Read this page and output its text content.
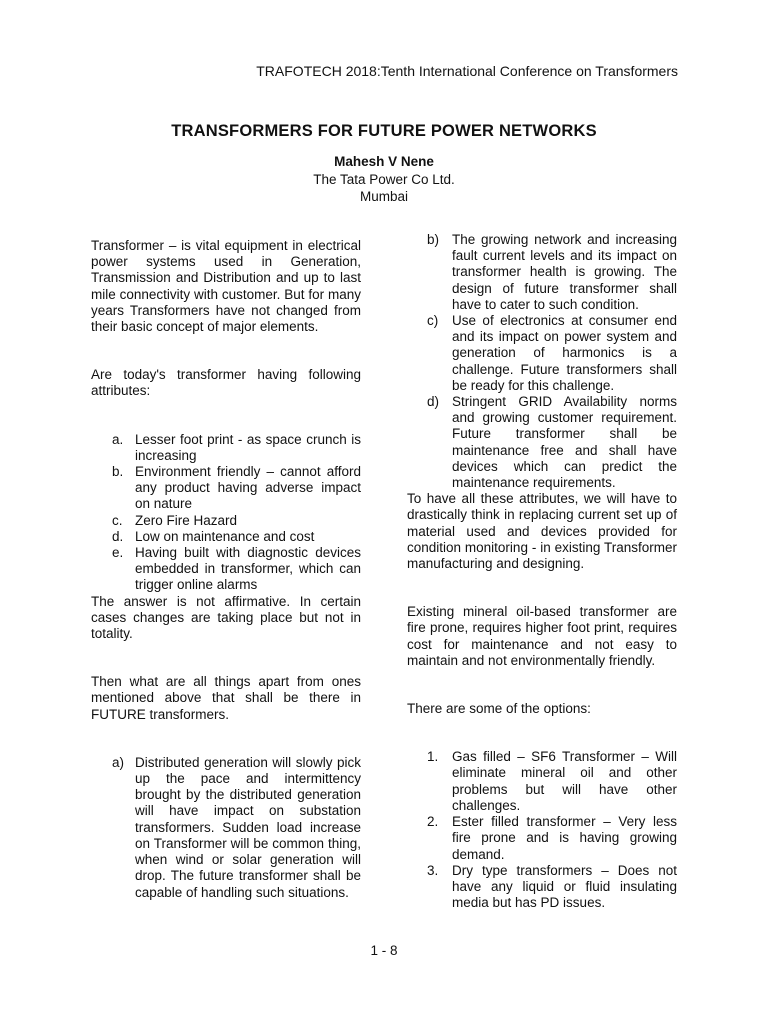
TRAFOTECH 2018:Tenth International Conference on Transformers
TRANSFORMERS FOR FUTURE POWER NETWORKS
Mahesh V Nene
The Tata Power Co Ltd.
Mumbai

Transformer – is vital equipment in electrical power systems used in Generation, Transmission and Distribution and up to last mile connectivity with customer. But for many years Transformers have not changed from their basic concept of major elements.

Are today's transformer having following attributes:

a. Lesser foot print - as space crunch is increasing
b. Environment friendly – cannot afford any product having adverse impact on nature
c. Zero Fire Hazard
d. Low on maintenance and cost
e. Having built with diagnostic devices embedded in transformer, which can trigger online alarms

The answer is not affirmative. In certain cases changes are taking place but not in totality.

Then what are all things apart from ones mentioned above that shall be there in FUTURE transformers.

a) Distributed generation will slowly pick up the pace and intermittency brought by the distributed generation will have impact on substation transformers. Sudden load increase on Transformer will be common thing, when wind or solar generation will drop. The future transformer shall be capable of handling such situations.
b) The growing network and increasing fault current levels and its impact on transformer health is growing. The design of future transformer shall have to cater to such condition.
c) Use of electronics at consumer end and its impact on power system and generation of harmonics is a challenge. Future transformers shall be ready for this challenge.
d) Stringent GRID Availability norms and growing customer requirement. Future transformer shall be maintenance free and shall have devices which can predict the maintenance requirements.

To have all these attributes, we will have to drastically think in replacing current set up of material used and devices provided for condition monitoring - in existing Transformer manufacturing and designing.

Existing mineral oil-based transformer are fire prone, requires higher foot print, requires cost for maintenance and not easy to maintain and not environmentally friendly.

There are some of the options:

1. Gas filled – SF6 Transformer – Will eliminate mineral oil and other problems but will have other challenges.
2. Ester filled transformer – Very less fire prone and is having growing demand.
3. Dry type transformers – Does not have any liquid or fluid insulating media but has PD issues.
1 - 8
